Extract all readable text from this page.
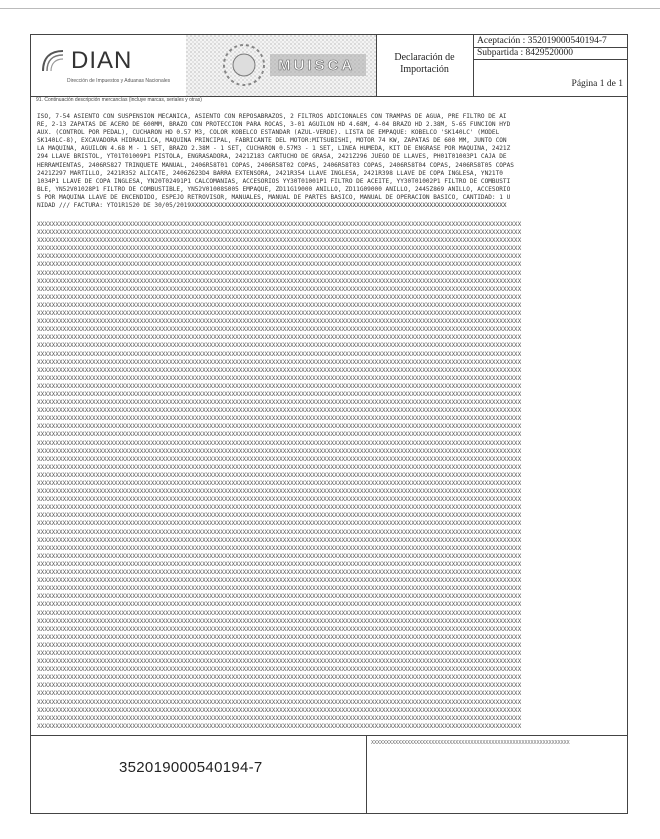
DIAN
Dirección de Impuestos y Aduanas Nacionales
MUISCA	Declaración de
Importación
Aceptación : 352019000540194-7
Subpartida : 8429520000
Página 1 de 1
91. Continuación descripción mercancías (incluye marcas, seriales y otras)

ISO, 7-54 ASIENTO CON SUSPENSION MECANICA, ASIENTO CON REPOSABRAZOS, 2 FILTROS ADICIONALES CON TRAMPAS DE AGUA, PRE FILTRO DE AI

RE, 2-13 ZAPATAS DE ACERO DE 600MM, BRAZO CON PROTECCION PARA ROCAS, 3-01 AGUILON HD 4.68M, 4-04 BRAZO HD 2.38M, 5-65 FUNCION HYD

AUX. (CONTROL POR PEDAL), CUCHARON HD 0.57 M3, COLOR KOBELCO ESTANDAR (AZUL-VERDE). LISTA DE EMPAQUE: KOBELCO 'SK140LC' (MODEL

SK140LC-8), EXCAVADORA HIDRAULICA, MAQUINA PRINCIPAL, FABRICANTE DEL MOTOR:MITSUBISHI, MOTOR 74 KW, ZAPATAS DE 600 MM, JUNTO CON

LA MAQUINA, AGUILON 4.68 M - 1 SET, BRAZO 2.38M - 1 SET, CUCHARON 0.57M3 - 1 SET, LINEA HUMEDA, KIT DE ENGRASE POR MAQUINA, 2421Z

294 LLAVE BRISTOL, YT01T01009P1 PISTOLA, ENGRASADORA, 2421Z183 CARTUCHO DE GRASA, 2421Z296 JUEGO DE LLAVES, PH01T01003P1 CAJA DE

HERRAMIENTAS, 2406R5827 TRINQUETE MANUAL, 2406R58T01 COPAS, 2406R58T02 COPAS, 2406R58T03 COPAS, 2406R58T04 COPAS, 2406R58T05 COPAS

2421Z297 MARTILLO, 2421R352 ALICATE, 2406Z623D4 BARRA EXTENSORA, 2421R354 LLAVE INGLESA, 2421R398 LLAVE DE COPA INGLESA, YN21T0

1034P1 LLAVE DE COPA INGLESA, YN20T02491P1 CALCOMANIAS, ACCESORIOS YY30T01001P1 FILTRO DE ACEITE, YY30T01002P1 FILTRO DE COMBUSTI

BLE, YN52V01028P1 FILTRO DE COMBUSTIBLE, YN52V01008S005 EMPAQUE, ZD11G19000 ANILLO, ZD11G09000 ANILLO, 2445Z869 ANILLO, ACCESORIO

S POR MAQUINA LLAVE DE ENCENDIDO, ESPEJO RETROVISOR, MANUALES, MANUAL DE PARTES BASICO, MANUAL DE OPERACION BASICO, CANTIDAD: 1 U

NIDAD /// FACTURA: YTO1R1520 DE 30/05/2019XXXXXXXXXXXXXXXXXXXXXXXXXXXXXXXXXXXXXXXXXXXXXXXXXXXXXXXXXXXXXXXXXXXXXXXXXXXXXXXXXXXXXX

XXXXXXXXXXXXXXXXXXXXXXXXXXXXXXXXXXXXXXXXXXXXXXXXXXXXXXXXXXXXXXXXXXXXXXXXXXXXXXXXXXXXXXXXXXXXXXXXXXXXXXXXXXXXXXXXXXXXXXXXXXXXXXXXXXXX
XXXXXXXXXXXXXXXXXXXXXXXXXXXXXXXXXXXXXXXXXXXXXXXXXXXXXXXXXXXXXXXXXXXXXXXXXXXXXXXXXXXXXXXXXXXXXXXXXXXXXXXXXXXXXXXXXXXXXXXXXXXXXXXXXXXX
XXXXXXXXXXXXXXXXXXXXXXXXXXXXXXXXXXXXXXXXXXXXXXXXXXXXXXXXXXXXXXXXXXXXXXXXXXXXXXXXXXXXXXXXXXXXXXXXXXXXXXXXXXXXXXXXXXXXXXXXXXXXXXXXXXXX
XXXXXXXXXXXXXXXXXXXXXXXXXXXXXXXXXXXXXXXXXXXXXXXXXXXXXXXXXXXXXXXXXXXXXXXXXXXXXXXXXXXXXXXXXXXXXXXXXXXXXXXXXXXXXXXXXXXXXXXXXXXXXXXXXXXX
XXXXXXXXXXXXXXXXXXXXXXXXXXXXXXXXXXXXXXXXXXXXXXXXXXXXXXXXXXXXXXXXXXXXXXXXXXXXXXXXXXXXXXXXXXXXXXXXXXXXXXXXXXXXXXXXXXXXXXXXXXXXXXXXXXXX
XXXXXXXXXXXXXXXXXXXXXXXXXXXXXXXXXXXXXXXXXXXXXXXXXXXXXXXXXXXXXXXXXXXXXXXXXXXXXXXXXXXXXXXXXXXXXXXXXXXXXXXXXXXXXXXXXXXXXXXXXXXXXXXXXXXX
XXXXXXXXXXXXXXXXXXXXXXXXXXXXXXXXXXXXXXXXXXXXXXXXXXXXXXXXXXXXXXXXXXXXXXXXXXXXXXXXXXXXXXXXXXXXXXXXXXXXXXXXXXXXXXXXXXXXXXXXXXXXXXXXXXXX
XXXXXXXXXXXXXXXXXXXXXXXXXXXXXXXXXXXXXXXXXXXXXXXXXXXXXXXXXXXXXXXXXXXXXXXXXXXXXXXXXXXXXXXXXXXXXXXXXXXXXXXXXXXXXXXXXXXXXXXXXXXXXXXXXXXX
XXXXXXXXXXXXXXXXXXXXXXXXXXXXXXXXXXXXXXXXXXXXXXXXXXXXXXXXXXXXXXXXXXXXXXXXXXXXXXXXXXXXXXXXXXXXXXXXXXXXXXXXXXXXXXXXXXXXXXXXXXXXXXXXXXXX
XXXXXXXXXXXXXXXXXXXXXXXXXXXXXXXXXXXXXXXXXXXXXXXXXXXXXXXXXXXXXXXXXXXXXXXXXXXXXXXXXXXXXXXXXXXXXXXXXXXXXXXXXXXXXXXXXXXXXXXXXXXXXXXXXXXX
XXXXXXXXXXXXXXXXXXXXXXXXXXXXXXXXXXXXXXXXXXXXXXXXXXXXXXXXXXXXXXXXXXXXXXXXXXXXXXXXXXXXXXXXXXXXXXXXXXXXXXXXXXXXXXXXXXXXXXXXXXXXXXXXXXXX
XXXXXXXXXXXXXXXXXXXXXXXXXXXXXXXXXXXXXXXXXXXXXXXXXXXXXXXXXXXXXXXXXXXXXXXXXXXXXXXXXXXXXXXXXXXXXXXXXXXXXXXXXXXXXXXXXXXXXXXXXXXXXXXXXXXX
XXXXXXXXXXXXXXXXXXXXXXXXXXXXXXXXXXXXXXXXXXXXXXXXXXXXXXXXXXXXXXXXXXXXXXXXXXXXXXXXXXXXXXXXXXXXXXXXXXXXXXXXXXXXXXXXXXXXXXXXXXXXXXXXXXXX
XXXXXXXXXXXXXXXXXXXXXXXXXXXXXXXXXXXXXXXXXXXXXXXXXXXXXXXXXXXXXXXXXXXXXXXXXXXXXXXXXXXXXXXXXXXXXXXXXXXXXXXXXXXXXXXXXXXXXXXXXXXXXXXXXXXX
XXXXXXXXXXXXXXXXXXXXXXXXXXXXXXXXXXXXXXXXXXXXXXXXXXXXXXXXXXXXXXXXXXXXXXXXXXXXXXXXXXXXXXXXXXXXXXXXXXXXXXXXXXXXXXXXXXXXXXXXXXXXXXXXXXXX
XXXXXXXXXXXXXXXXXXXXXXXXXXXXXXXXXXXXXXXXXXXXXXXXXXXXXXXXXXXXXXXXXXXXXXXXXXXXXXXXXXXXXXXXXXXXXXXXXXXXXXXXXXXXXXXXXXXXXXXXXXXXXXXXXXXX
XXXXXXXXXXXXXXXXXXXXXXXXXXXXXXXXXXXXXXXXXXXXXXXXXXXXXXXXXXXXXXXXXXXXXXXXXXXXXXXXXXXXXXXXXXXXXXXXXXXXXXXXXXXXXXXXXXXXXXXXXXXXXXXXXXXX
XXXXXXXXXXXXXXXXXXXXXXXXXXXXXXXXXXXXXXXXXXXXXXXXXXXXXXXXXXXXXXXXXXXXXXXXXXXXXXXXXXXXXXXXXXXXXXXXXXXXXXXXXXXXXXXXXXXXXXXXXXXXXXXXXXXX
XXXXXXXXXXXXXXXXXXXXXXXXXXXXXXXXXXXXXXXXXXXXXXXXXXXXXXXXXXXXXXXXXXXXXXXXXXXXXXXXXXXXXXXXXXXXXXXXXXXXXXXXXXXXXXXXXXXXXXXXXXXXXXXXXXXX
XXXXXXXXXXXXXXXXXXXXXXXXXXXXXXXXXXXXXXXXXXXXXXXXXXXXXXXXXXXXXXXXXXXXXXXXXXXXXXXXXXXXXXXXXXXXXXXXXXXXXXXXXXXXXXXXXXXXXXXXXXXXXXXXXXXX
XXXXXXXXXXXXXXXXXXXXXXXXXXXXXXXXXXXXXXXXXXXXXXXXXXXXXXXXXXXXXXXXXXXXXXXXXXXXXXXXXXXXXXXXXXXXXXXXXXXXXXXXXXXXXXXXXXXXXXXXXXXXXXXXXXXX
XXXXXXXXXXXXXXXXXXXXXXXXXXXXXXXXXXXXXXXXXXXXXXXXXXXXXXXXXXXXXXXXXXXXXXXXXXXXXXXXXXXXXXXXXXXXXXXXXXXXXXXXXXXXXXXXXXXXXXXXXXXXXXXXXXXX
XXXXXXXXXXXXXXXXXXXXXXXXXXXXXXXXXXXXXXXXXXXXXXXXXXXXXXXXXXXXXXXXXXXXXXXXXXXXXXXXXXXXXXXXXXXXXXXXXXXXXXXXXXXXXXXXXXXXXXXXXXXXXXXXXXXX
XXXXXXXXXXXXXXXXXXXXXXXXXXXXXXXXXXXXXXXXXXXXXXXXXXXXXXXXXXXXXXXXXXXXXXXXXXXXXXXXXXXXXXXXXXXXXXXXXXXXXXXXXXXXXXXXXXXXXXXXXXXXXXXXXXXX
XXXXXXXXXXXXXXXXXXXXXXXXXXXXXXXXXXXXXXXXXXXXXXXXXXXXXXXXXXXXXXXXXXXXXXXXXXXXXXXXXXXXXXXXXXXXXXXXXXXXXXXXXXXXXXXXXXXXXXXXXXXXXXXXXXXX
XXXXXXXXXXXXXXXXXXXXXXXXXXXXXXXXXXXXXXXXXXXXXXXXXXXXXXXXXXXXXXXXXXXXXXXXXXXXXXXXXXXXXXXXXXXXXXXXXXXXXXXXXXXXXXXXXXXXXXXXXXXXXXXXXXXX
XXXXXXXXXXXXXXXXXXXXXXXXXXXXXXXXXXXXXXXXXXXXXXXXXXXXXXXXXXXXXXXXXXXXXXXXXXXXXXXXXXXXXXXXXXXXXXXXXXXXXXXXXXXXXXXXXXXXXXXXXXXXXXXXXXXX
XXXXXXXXXXXXXXXXXXXXXXXXXXXXXXXXXXXXXXXXXXXXXXXXXXXXXXXXXXXXXXXXXXXXXXXXXXXXXXXXXXXXXXXXXXXXXXXXXXXXXXXXXXXXXXXXXXXXXXXXXXXXXXXXXXXX
XXXXXXXXXXXXXXXXXXXXXXXXXXXXXXXXXXXXXXXXXXXXXXXXXXXXXXXXXXXXXXXXXXXXXXXXXXXXXXXXXXXXXXXXXXXXXXXXXXXXXXXXXXXXXXXXXXXXXXXXXXXXXXXXXXXX
XXXXXXXXXXXXXXXXXXXXXXXXXXXXXXXXXXXXXXXXXXXXXXXXXXXXXXXXXXXXXXXXXXXXXXXXXXXXXXXXXXXXXXXXXXXXXXXXXXXXXXXXXXXXXXXXXXXXXXXXXXXXXXXXXXXX
XXXXXXXXXXXXXXXXXXXXXXXXXXXXXXXXXXXXXXXXXXXXXXXXXXXXXXXXXXXXXXXXXXXXXXXXXXXXXXXXXXXXXXXXXXXXXXXXXXXXXXXXXXXXXXXXXXXXXXXXXXXXXXXXXXXX
XXXXXXXXXXXXXXXXXXXXXXXXXXXXXXXXXXXXXXXXXXXXXXXXXXXXXXXXXXXXXXXXXXXXXXXXXXXXXXXXXXXXXXXXXXXXXXXXXXXXXXXXXXXXXXXXXXXXXXXXXXXXXXXXXXXX
XXXXXXXXXXXXXXXXXXXXXXXXXXXXXXXXXXXXXXXXXXXXXXXXXXXXXXXXXXXXXXXXXXXXXXXXXXXXXXXXXXXXXXXXXXXXXXXXXXXXXXXXXXXXXXXXXXXXXXXXXXXXXXXXXXXX
XXXXXXXXXXXXXXXXXXXXXXXXXXXXXXXXXXXXXXXXXXXXXXXXXXXXXXXXXXXXXXXXXXXXXXXXXXXXXXXXXXXXXXXXXXXXXXXXXXXXXXXXXXXXXXXXXXXXXXXXXXXXXXXXXXXX
XXXXXXXXXXXXXXXXXXXXXXXXXXXXXXXXXXXXXXXXXXXXXXXXXXXXXXXXXXXXXXXXXXXXXXXXXXXXXXXXXXXXXXXXXXXXXXXXXXXXXXXXXXXXXXXXXXXXXXXXXXXXXXXXXXXX
XXXXXXXXXXXXXXXXXXXXXXXXXXXXXXXXXXXXXXXXXXXXXXXXXXXXXXXXXXXXXXXXXXXXXXXXXXXXXXXXXXXXXXXXXXXXXXXXXXXXXXXXXXXXXXXXXXXXXXXXXXXXXXXXXXXX
XXXXXXXXXXXXXXXXXXXXXXXXXXXXXXXXXXXXXXXXXXXXXXXXXXXXXXXXXXXXXXXXXXXXXXXXXXXXXXXXXXXXXXXXXXXXXXXXXXXXXXXXXXXXXXXXXXXXXXXXXXXXXXXXXXXX
XXXXXXXXXXXXXXXXXXXXXXXXXXXXXXXXXXXXXXXXXXXXXXXXXXXXXXXXXXXXXXXXXXXXXXXXXXXXXXXXXXXXXXXXXXXXXXXXXXXXXXXXXXXXXXXXXXXXXXXXXXXXXXXXXXXX
XXXXXXXXXXXXXXXXXXXXXXXXXXXXXXXXXXXXXXXXXXXXXXXXXXXXXXXXXXXXXXXXXXXXXXXXXXXXXXXXXXXXXXXXXXXXXXXXXXXXXXXXXXXXXXXXXXXXXXXXXXXXXXXXXXXX
XXXXXXXXXXXXXXXXXXXXXXXXXXXXXXXXXXXXXXXXXXXXXXXXXXXXXXXXXXXXXXXXXXXXXXXXXXXXXXXXXXXXXXXXXXXXXXXXXXXXXXXXXXXXXXXXXXXXXXXXXXXXXXXXXXXX
XXXXXXXXXXXXXXXXXXXXXXXXXXXXXXXXXXXXXXXXXXXXXXXXXXXXXXXXXXXXXXXXXXXXXXXXXXXXXXXXXXXXXXXXXXXXXXXXXXXXXXXXXXXXXXXXXXXXXXXXXXXXXXXXXXXX
XXXXXXXXXXXXXXXXXXXXXXXXXXXXXXXXXXXXXXXXXXXXXXXXXXXXXXXXXXXXXXXXXXXXXXXXXXXXXXXXXXXXXXXXXXXXXXXXXXXXXXXXXXXXXXXXXXXXXXXXXXXXXXXXXXXX
XXXXXXXXXXXXXXXXXXXXXXXXXXXXXXXXXXXXXXXXXXXXXXXXXXXXXXXXXXXXXXXXXXXXXXXXXXXXXXXXXXXXXXXXXXXXXXXXXXXXXXXXXXXXXXXXXXXXXXXXXXXXXXXXXXXX
XXXXXXXXXXXXXXXXXXXXXXXXXXXXXXXXXXXXXXXXXXXXXXXXXXXXXXXXXXXXXXXXXXXXXXXXXXXXXXXXXXXXXXXXXXXXXXXXXXXXXXXXXXXXXXXXXXXXXXXXXXXXXXXXXXXX
XXXXXXXXXXXXXXXXXXXXXXXXXXXXXXXXXXXXXXXXXXXXXXXXXXXXXXXXXXXXXXXXXXXXXXXXXXXXXXXXXXXXXXXXXXXXXXXXXXXXXXXXXXXXXXXXXXXXXXXXXXXXXXXXXXXX
XXXXXXXXXXXXXXXXXXXXXXXXXXXXXXXXXXXXXXXXXXXXXXXXXXXXXXXXXXXXXXXXXXXXXXXXXXXXXXXXXXXXXXXXXXXXXXXXXXXXXXXXXXXXXXXXXXXXXXXXXXXXXXXXXXXX
XXXXXXXXXXXXXXXXXXXXXXXXXXXXXXXXXXXXXXXXXXXXXXXXXXXXXXXXXXXXXXXXXXXXXXXXXXXXXXXXXXXXXXXXXXXXXXXXXXXXXXXXXXXXXXXXXXXXXXXXXXXXXXXXXXXX
XXXXXXXXXXXXXXXXXXXXXXXXXXXXXXXXXXXXXXXXXXXXXXXXXXXXXXXXXXXXXXXXXXXXXXXXXXXXXXXXXXXXXXXXXXXXXXXXXXXXXXXXXXXXXXXXXXXXXXXXXXXXXXXXXXXX
XXXXXXXXXXXXXXXXXXXXXXXXXXXXXXXXXXXXXXXXXXXXXXXXXXXXXXXXXXXXXXXXXXXXXXXXXXXXXXXXXXXXXXXXXXXXXXXXXXXXXXXXXXXXXXXXXXXXXXXXXXXXXXXXXXXX
XXXXXXXXXXXXXXXXXXXXXXXXXXXXXXXXXXXXXXXXXXXXXXXXXXXXXXXXXXXXXXXXXXXXXXXXXXXXXXXXXXXXXXXXXXXXXXXXXXXXXXXXXXXXXXXXXXXXXXXXXXXXXXXXXXXX
XXXXXXXXXXXXXXXXXXXXXXXXXXXXXXXXXXXXXXXXXXXXXXXXXXXXXXXXXXXXXXXXXXXXXXXXXXXXXXXXXXXXXXXXXXXXXXXXXXXXXXXXXXXXXXXXXXXXXXXXXXXXXXXXXXXX
XXXXXXXXXXXXXXXXXXXXXXXXXXXXXXXXXXXXXXXXXXXXXXXXXXXXXXXXXXXXXXXXXXXXXXXXXXXXXXXXXXXXXXXXXXXXXXXXXXXXXXXXXXXXXXXXXXXXXXXXXXXXXXXXXXXX
XXXXXXXXXXXXXXXXXXXXXXXXXXXXXXXXXXXXXXXXXXXXXXXXXXXXXXXXXXXXXXXXXXXXXXXXXXXXXXXXXXXXXXXXXXXXXXXXXXXXXXXXXXXXXXXXXXXXXXXXXXXXXXXXXXXX
XXXXXXXXXXXXXXXXXXXXXXXXXXXXXXXXXXXXXXXXXXXXXXXXXXXXXXXXXXXXXXXXXXXXXXXXXXXXXXXXXXXXXXXXXXXXXXXXXXXXXXXXXXXXXXXXXXXXXXXXXXXXXXXXXXXX
XXXXXXXXXXXXXXXXXXXXXXXXXXXXXXXXXXXXXXXXXXXXXXXXXXXXXXXXXXXXXXXXXXXXXXXXXXXXXXXXXXXXXXXXXXXXXXXXXXXXXXXXXXXXXXXXXXXXXXXXXXXXXXXXXXXX
XXXXXXXXXXXXXXXXXXXXXXXXXXXXXXXXXXXXXXXXXXXXXXXXXXXXXXXXXXXXXXXXXXXXXXXXXXXXXXXXXXXXXXXXXXXXXXXXXXXXXXXXXXXXXXXXXXXXXXXXXXXXXXXXXXXX
XXXXXXXXXXXXXXXXXXXXXXXXXXXXXXXXXXXXXXXXXXXXXXXXXXXXXXXXXXXXXXXXXXXXXXXXXXXXXXXXXXXXXXXXXXXXXXXXXXXXXXXXXXXXXXXXXXXXXXXXXXXXXXXXXXXX
XXXXXXXXXXXXXXXXXXXXXXXXXXXXXXXXXXXXXXXXXXXXXXXXXXXXXXXXXXXXXXXXXXXXXXXXXXXXXXXXXXXXXXXXXXXXXXXXXXXXXXXXXXXXXXXXXXXXXXXXXXXXXXXXXXXX
XXXXXXXXXXXXXXXXXXXXXXXXXXXXXXXXXXXXXXXXXXXXXXXXXXXXXXXXXXXXXXXXXXXXXXXXXXXXXXXXXXXXXXXXXXXXXXXXXXXXXXXXXXXXXXXXXXXXXXXXXXXXXXXXXXXX
XXXXXXXXXXXXXXXXXXXXXXXXXXXXXXXXXXXXXXXXXXXXXXXXXXXXXXXXXXXXXXXXXXXXXXXXXXXXXXXXXXXXXXXXXXXXXXXXXXXXXXXXXXXXXXXXXXXXXXXXXXXXXXXXXXXX
XXXXXXXXXXXXXXXXXXXXXXXXXXXXXXXXXXXXXXXXXXXXXXXXXXXXXXXXXXXXXXXXXXXXXXXXXXXXXXXXXXXXXXXXXXXXXXXXXXXXXXXXXXXXXXXXXXXXXXXXXXXXXXXXXXXX
XXXXXXXXXXXXXXXXXXXXXXXXXXXXXXXXXXXXXXXXXXXXXXXXXXXXXXXXXXXXXXXXXXXXXXXXXXXXXXXXXXXXXXXXXXXXXXXXXXXXXXXXXXXXXXXXXXXXXXXXXXXXXXXXXXXX
XXXXXXXXXXXXXXXXXXXXXXXXXXXXXXXXXXXXXXXXXXXXXXXXXXXXXXXXXXXXXXXXXXXXXXXXXXXXXXXXXXXXXXXXXXXXXXXXXXXXXXXXXXXXXXXXXXXXXXXXXXXXXXXXXXXX
352019000540194-7
XXXXXXXXXXXXXXXXXXXXXXXXXXXXXXXXXXXXXXXXXXXXXXXXXXXXXXXXXXXXXXXXXX
